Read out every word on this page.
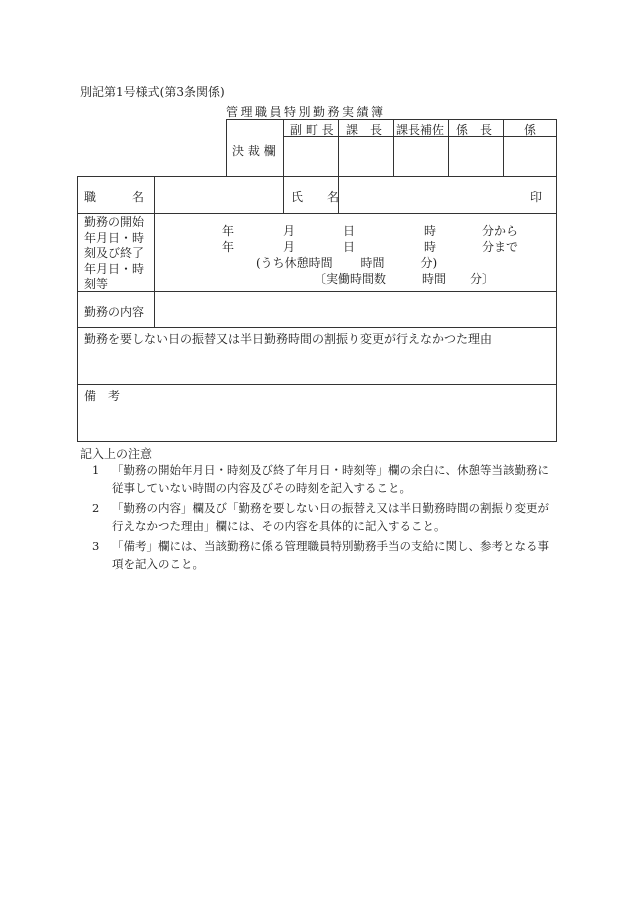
別記第1号様式(第3条関係)
管理職員特別勤務実績簿
決 裁 欄
副 町 長 課　長 課長補佐 係　長	係
職　　　名	氏　　名	印
勤務の開始
年月日・時
刻及び終了
年月日・時
刻等
年	月	日	時	分から
年	月	日	時	分まで
(うち休憩時間　　 時間　　　分)
〔実働時間数　　　時間　　分〕
勤務の内容
勤務を要しない日の振替又は半日勤務時間の割振り変更が行えなかつた理由
備　考
記入上の注意
1 「勤務の開始年月日・時刻及び終了年月日・時刻等」欄の余白に、休憩等当該勤務に
従事していない時間の内容及びその時刻を記入すること。
2 「勤務の内容」欄及び「勤務を要しない日の振替え又は半日勤務時間の割振り変更が
行えなかつた理由」欄には、その内容を具体的に記入すること。
3 「備考」欄には、当該勤務に係る管理職員特別勤務手当の支給に関し、参考となる事
項を記入のこと。
